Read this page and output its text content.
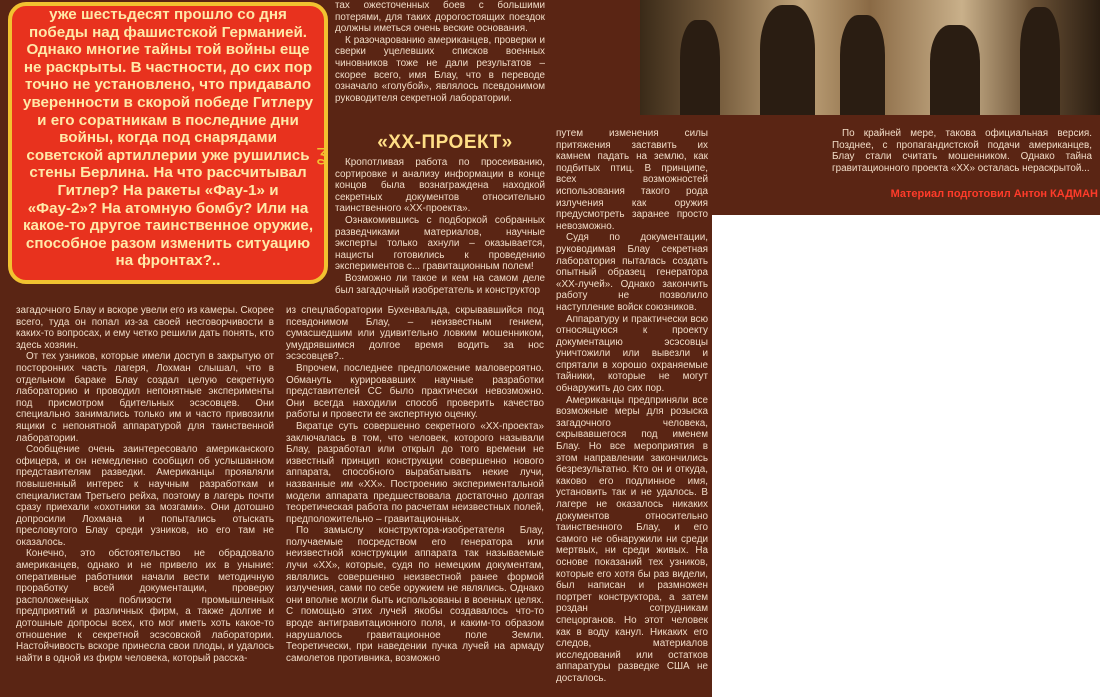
уже шестьдесят прошло со дня победы над фашистской Германией. Однако многие тайны той войны еще не раскрыты. В частности, до сих пор точно не установлено, что придавало уверенности в скорой победе Гитлеру и его соратникам в последние дни войны, когда под снарядами советской артиллерии уже рушились стены Берлина. На что рассчитывал Гитлер? На ракеты «Фау-1» и «Фау-2»? На атомную бомбу? Или на какое-то другое таинственное оружие, способное разом изменить ситуацию на фронтах?..

ʓ

тах ожесточенных боев с большими потерями, для таких дорогостоящих поездок должны иметься очень веские основания.

К разочарованию американцев, проверки и сверки уцелевших списков военных чиновников тоже не дали результатов – скорее всего, имя Блау, что в переводе означало «голубой», являлось псевдонимом руководителя секретной лаборатории.

«ХХ-ПРОЕКТ»

Кропотливая работа по просеиванию, сортировке и анализу информации в конце концов была вознаграждена находкой секретных документов относительно таинственного «ХХ-проекта».

Ознакомившись с подборкой собранных разведчиками материалов, научные эксперты только ахнули – оказывается, нацисты готовились к проведению экспериментов с... гравитационным полем!

Возможно ли такое и кем на самом деле был загадочный изобретатель и конструктор

загадочного Блау и вскоре увели его из камеры. Скорее всего, туда он попал из-за своей несговорчивости в каких-то вопросах, и ему четко решили дать понять, кто здесь хозяин.

От тех узников, которые имели доступ в закрытую от посторонних часть лагеря, Лохман слышал, что в отдельном бараке Блау создал целую секретную лабораторию и проводил непонятные эксперименты под присмотром бдительных эсэсовцев. Они специально занимались только им и часто привозили ящики с непонятной аппаратурой для таинственной лаборатории.

Сообщение очень заинтересовало американского офицера, и он немедленно сообщил об услышанном представителям разведки. Американцы проявляли повышенный интерес к научным разработкам и специалистам Третьего рейха, поэтому в лагерь почти сразу приехали «охотники за мозгами». Они дотошно допросили Лохмана и попытались отыскать пресловутого Блау среди узников, но его там не оказалось.

Конечно, это обстоятельство не обрадовало американцев, однако и не привело их в уныние: оперативные работники начали вести методичную проработку всей документации, проверку расположенных поблизости промышленных предприятий и различных фирм, а также долгие и дотошные допросы всех, кто мог иметь хоть какое-то отношение к секретной эсэсовской лаборатории. Настойчивость вскоре принесла свои плоды, и удалось найти в одной из фирм человека, который расска-

из спецлаборатории Бухенвальда, скрывавшийся под псевдонимом Блау, – неизвестным гением, сумасшедшим или удивительно ловким мошенником, умудрявшимся долгое время водить за нос эсэсовцев?..

Впрочем, последнее предположение маловероятно. Обмануть курировавших научные разработки представителей СС было практически невозможно. Они всегда находили способ проверить качество работы и провести ее экспертную оценку.

Вкратце суть совершенно секретного «ХХ-проекта» заключалась в том, что человек, которого называли Блау, разработал или открыл до того времени не известный принцип конструкции совершенно нового аппарата, способного вырабатывать некие лучи, названные им «ХХ». Построению экспериментальной модели аппарата предшествовала достаточно долгая теоретическая работа по расчетам неизвестных полей, предположительно – гравитационных.

По замыслу конструктора-изобретателя Блау, получаемые посредством его генератора или неизвестной конструкции аппарата так называемые лучи «ХХ», которые, судя по немецким документам, являлись совершенно неизвестной ранее формой излучения, сами по себе оружием не являлись. Однако они вполне могли быть использованы в военных целях. С помощью этих лучей якобы создавалось что-то вроде антигравитационного поля, и каким-то образом нарушалось гравитационное поле Земли. Теоретически, при наведении пучка лучей на армаду самолетов противника, возможно

путем изменения силы притяжения заставить их камнем падать на землю, как подбитых птиц. В принципе, всех возможностей использования такого рода излучения как оружия предусмотреть заранее просто невозможно.

Судя по документации, руководимая Блау секретная лаборатория пыталась создать опытный образец генератора «ХХ-лучей». Однако закончить работу не позволило наступление войск союзников.

Аппаратуру и практически всю относящуюся к проекту документацию эсэсовцы уничтожили или вывезли и спрятали в хорошо охраняемые тайники, которые не могут обнаружить до сих пор.

Американцы предприняли все возможные меры для розыска загадочного человека, скрывавшегося под именем Блау. Но все мероприятия в этом направлении закончились безрезультатно. Кто он и откуда, каково его подлинное имя, установить так и не удалось. В лагере не оказалось никаких документов относительно таинственного Блау, и его самого не обнаружили ни среди мертвых, ни среди живых. На основе показаний тех узников, которые его хотя бы раз видели, был написан и размножен портрет конструктора, а затем роздан сотрудникам спецорганов. Но этот человек как в воду канул. Никаких его следов, материалов исследований или остатков аппаратуры разведке США не досталось.

По крайней мере, такова официальная версия. Позднее, с пропагандистской подачи американцев, Блау стали считать мошенником. Однако тайна гравитационного проекта «ХХ» осталась нераскрытой...

Материал подготовил Антон КАДМАН
